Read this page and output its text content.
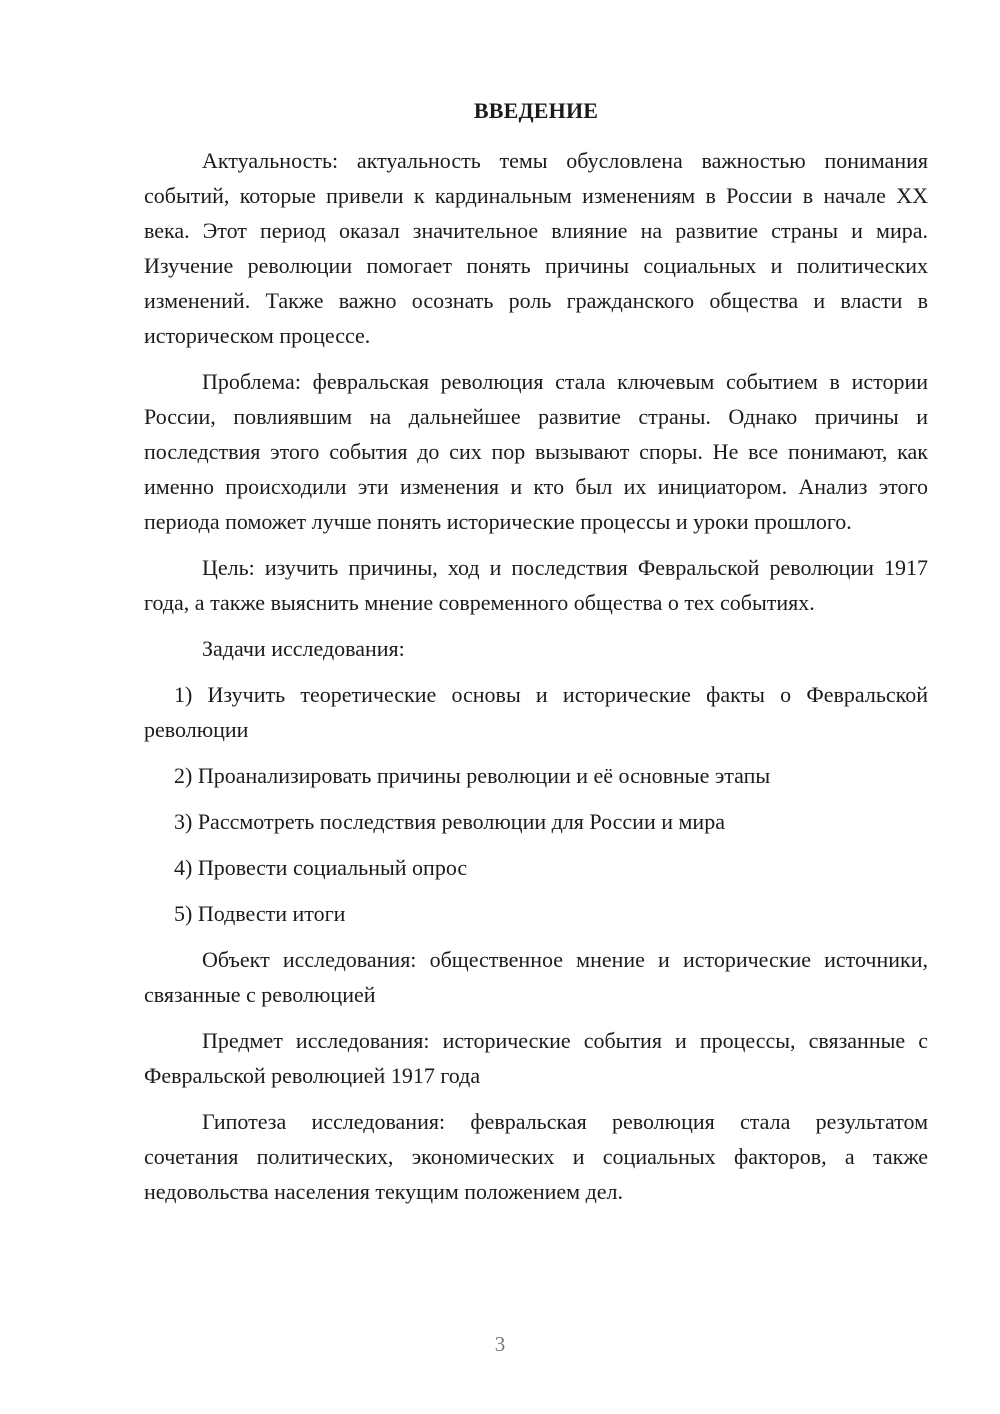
ВВЕДЕНИЕ

Актуальность: актуальность темы обусловлена важностью понимания событий, которые привели к кардинальным изменениям в России в начале XX века. Этот период оказал значительное влияние на развитие страны и мира. Изучение революции помогает понять причины социальных и политических изменений. Также важно осознать роль гражданского общества и власти в историческом процессе.

Проблема: февральская революция стала ключевым событием в истории России, повлиявшим на дальнейшее развитие страны. Однако причины и последствия этого события до сих пор вызывают споры. Не все понимают, как именно происходили эти изменения и кто был их инициатором. Анализ этого периода поможет лучше понять исторические процессы и уроки прошлого.

Цель: изучить причины, ход и последствия Февральской революции 1917 года, а также выяснить мнение современного общества о тех событиях.

Задачи исследования:

1) Изучить теоретические основы и исторические факты о Февральской революции

2) Проанализировать причины революции и её основные этапы

3) Рассмотреть последствия революции для России и мира

4) Провести социальный опрос

5) Подвести итоги

Объект исследования: общественное мнение и исторические источники, связанные с революцией

Предмет исследования: исторические события и процессы, связанные с Февральской революцией 1917 года

Гипотеза исследования: февральская революция стала результатом сочетания политических, экономических и социальных факторов, а также недовольства населения текущим положением дел.

3
